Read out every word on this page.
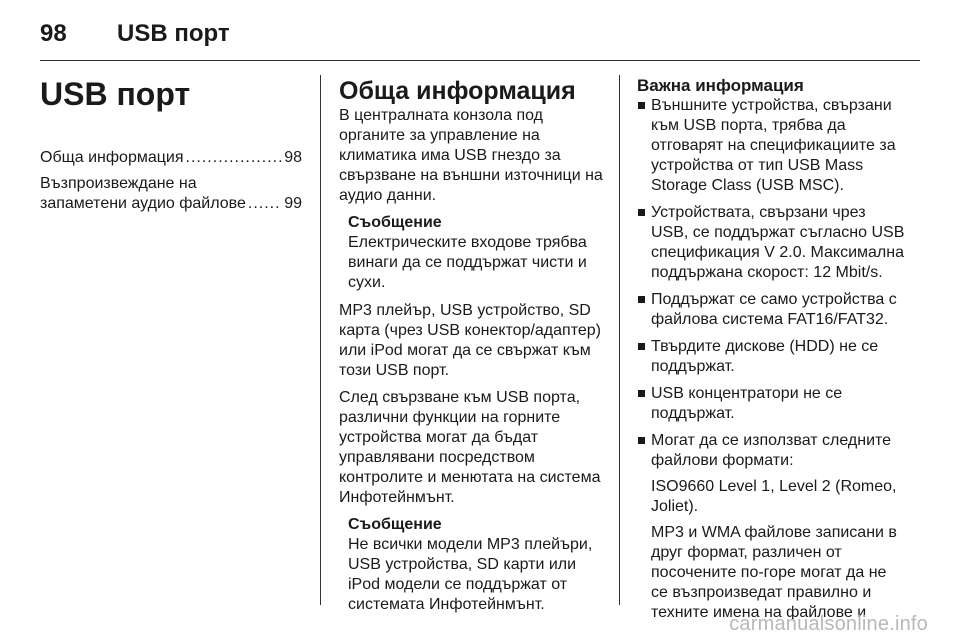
98 USB порт

USB порт

Обща информация .....	98
Възпроизвеждане на
запаметени аудио файлове ..... 99

Обща информация

В централната конзола под органите за управление на климатика има USB гнездо за свързване на външни източници на аудио данни.

Съобщение

Електрическите входове трябва винаги да се поддържат чисти и сухи.

MP3 плейър, USB устройство, SD карта (чрез USB конектор/адаптер) или iPod могат да се свържат към този USB порт.

След свързване към USB порта, различни функции на горните устройства могат да бъдат управлявани посредством контролите и менютата на система Инфотейнмънт.

Съобщение

Не всички модели MP3 плейъри, USB устройства, SD карти или iPod модели се поддържат от системата Инфотейнмънт.

Важна информация

Външните устройства, свързани към USB порта, трябва да отговарят на спецификациите за устройства от тип USB Mass Storage Class (USB MSC).
Устройствата, свързани чрез USB, се поддържат съгласно USB спецификация V 2.0. Максимална поддържана скорост: 12 Mbit/s.
Поддържат се само устройства с файлова система FAT16/FAT32.
Твърдите дискове (HDD) не се поддържат.
USB концентратори не се поддържат.
Могат да се използват следните файлови формати:

ISO9660 Level 1, Level 2 (Romeo, Joliet).

MP3 и WMA файлове записани в друг формат, различен от посочените по-горе могат да не се възпроизведат правилно и техните имена на файлове и

carmanualsonline.info
